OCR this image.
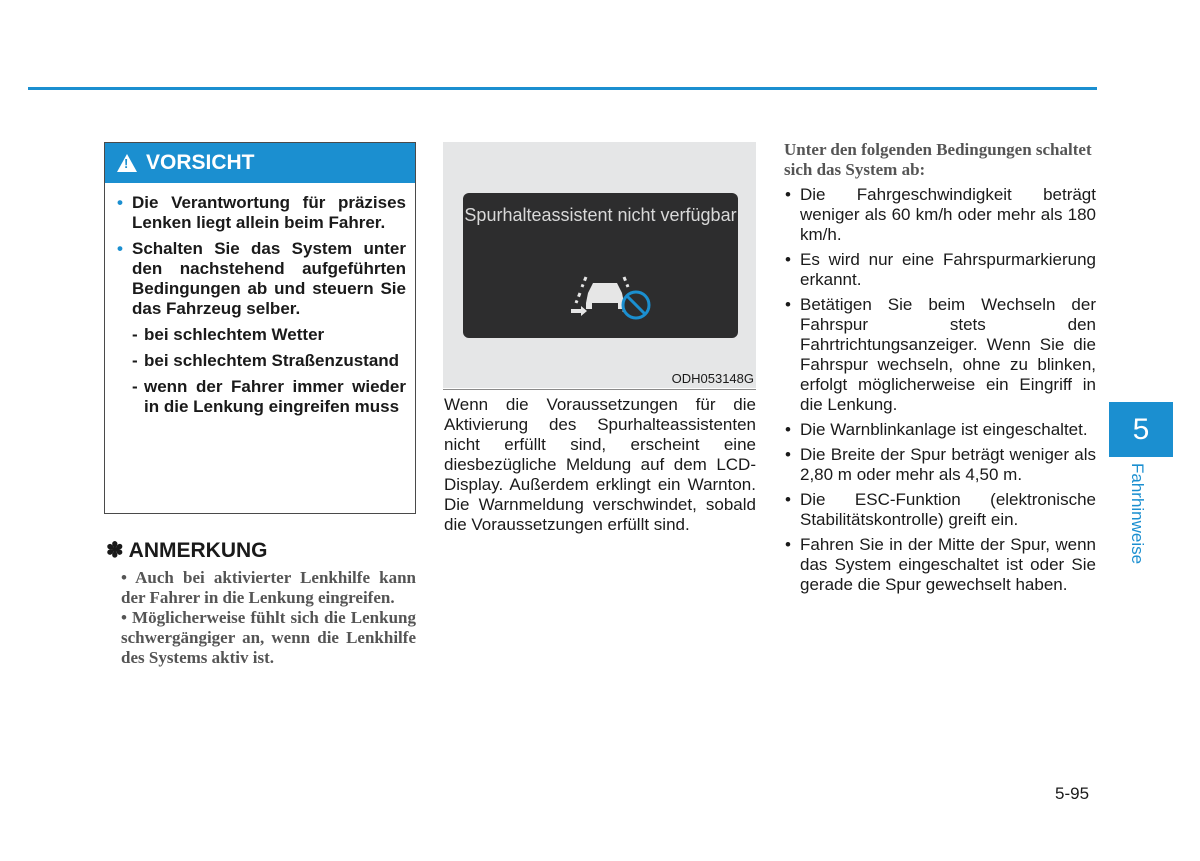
!
VORSICHT
• Die Verantwortung für präzises Lenken liegt allein beim Fahrer.
• Schalten Sie das System unter den nachstehend aufgeführten Bedingungen ab und steuern Sie das Fahrzeug selber.
- bei schlechtem Wetter
- bei schlechtem Straßenzustand
- wenn der Fahrer immer wieder in die Lenkung eingreifen muss
✽ ANMERKUNG
• Auch bei aktivierter Lenkhilfe kann der Fahrer in die Lenkung eingreifen.
• Möglicherweise fühlt sich die Lenkung schwergängiger an, wenn die Lenkhilfe des Systems aktiv ist.
Spurhalteassistent nicht verfügbar
ODH053148G
Wenn die Voraussetzungen für die Aktivierung des Spurhalteassistenten nicht erfüllt sind, erscheint eine diesbezügliche Meldung auf dem LCD-Display. Außerdem erklingt ein Warnton. Die Warnmeldung verschwindet, sobald die Voraussetzungen erfüllt sind.
Unter den folgenden Bedingungen schaltet sich das System ab:
• Die Fahrgeschwindigkeit beträgt weniger als 60 km/h oder mehr als 180 km/h.
• Es wird nur eine Fahrspurmarkierung erkannt.
• Betätigen Sie beim Wechseln der Fahrspur stets den Fahrtrichtungsanzeiger. Wenn Sie die Fahrspur wechseln, ohne zu blinken, erfolgt möglicherweise ein Eingriff in die Lenkung.
• Die Warnblinkanlage ist eingeschaltet.
• Die Breite der Spur beträgt weniger als 2,80 m oder mehr als 4,50 m.
• Die ESC-Funktion (elektronische Stabilitätskontrolle) greift ein.
• Fahren Sie in der Mitte der Spur, wenn das System eingeschaltet ist oder Sie gerade die Spur gewechselt haben.
5
Fahrhinweise
5-95
